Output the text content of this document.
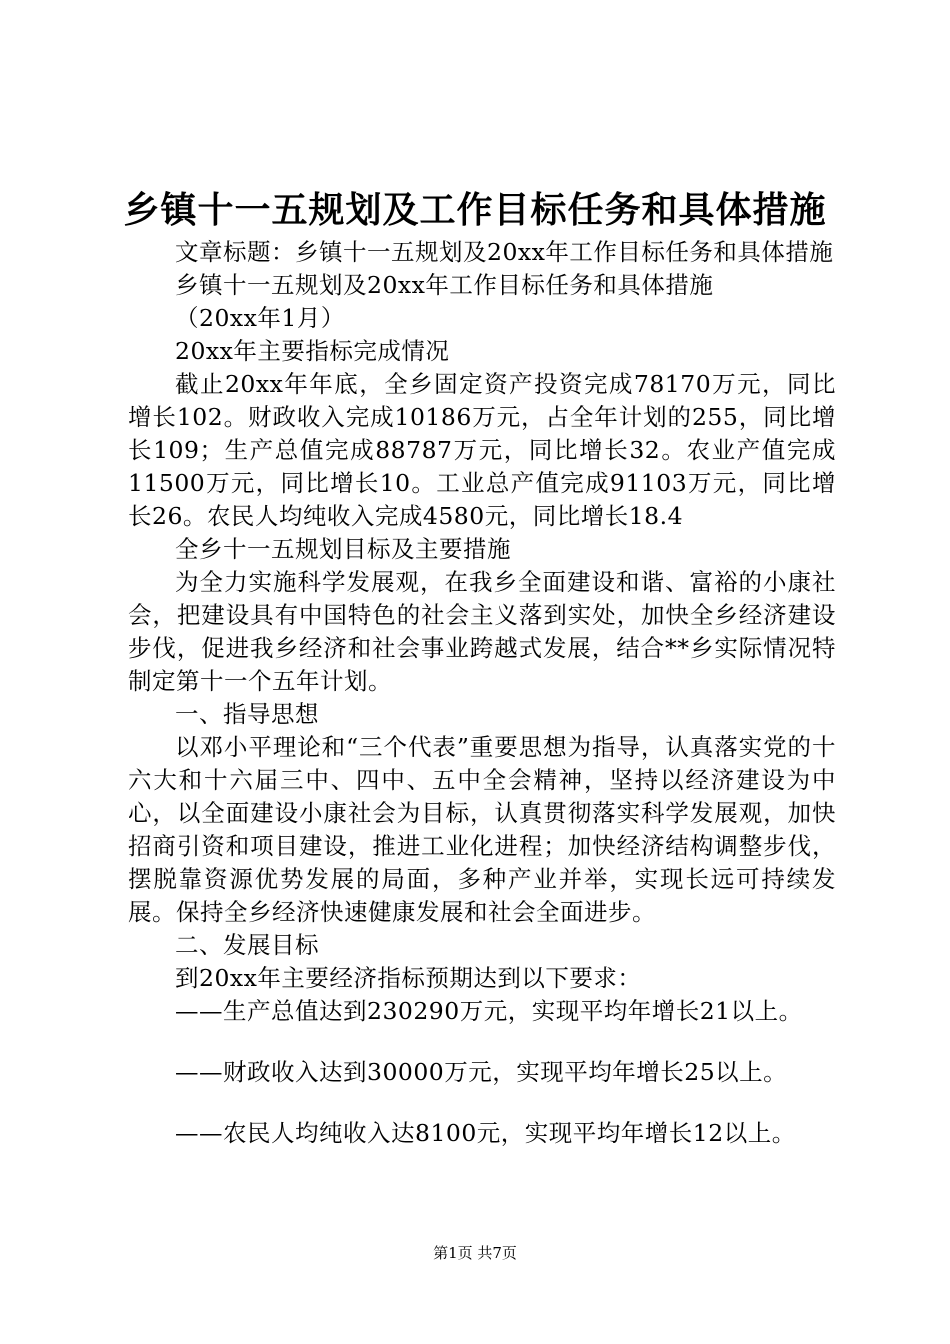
乡镇十一五规划及工作目标任务和具体措施

文章标题：乡镇十一五规划及20xx年工作目标任务和具体措施

乡镇十一五规划及20xx年工作目标任务和具体措施

（20xx年1月）

20xx年主要指标完成情况

截止20xx年年底，全乡固定资产投资完成78170万元，同比增长102。财政收入完成10186万元，占全年计划的255，同比增长109；生产总值完成88787万元，同比增长32。农业产值完成11500万元，同比增长10。工业总产值完成91103万元，同比增长26。农民人均纯收入完成4580元，同比增长18.4

全乡十一五规划目标及主要措施

为全力实施科学发展观，在我乡全面建设和谐、富裕的小康社会，把建设具有中国特色的社会主义落到实处，加快全乡经济建设步伐，促进我乡经济和社会事业跨越式发展，结合**乡实际情况特制定第十一个五年计划。

一、指导思想

以邓小平理论和“三个代表”重要思想为指导，认真落实党的十六大和十六届三中、四中、五中全会精神，坚持以经济建设为中心，以全面建设小康社会为目标，认真贯彻落实科学发展观，加快招商引资和项目建设，推进工业化进程；加快经济结构调整步伐，摆脱靠资源优势发展的局面，多种产业并举，实现长远可持续发展。保持全乡经济快速健康发展和社会全面进步。

二、发展目标

到20xx年主要经济指标预期达到以下要求：

——生产总值达到230290万元，实现平均年增长21以上。

——财政收入达到30000万元，实现平均年增长25以上。

——农民人均纯收入达8100元，实现平均年增长12以上。

第1页 共7页
